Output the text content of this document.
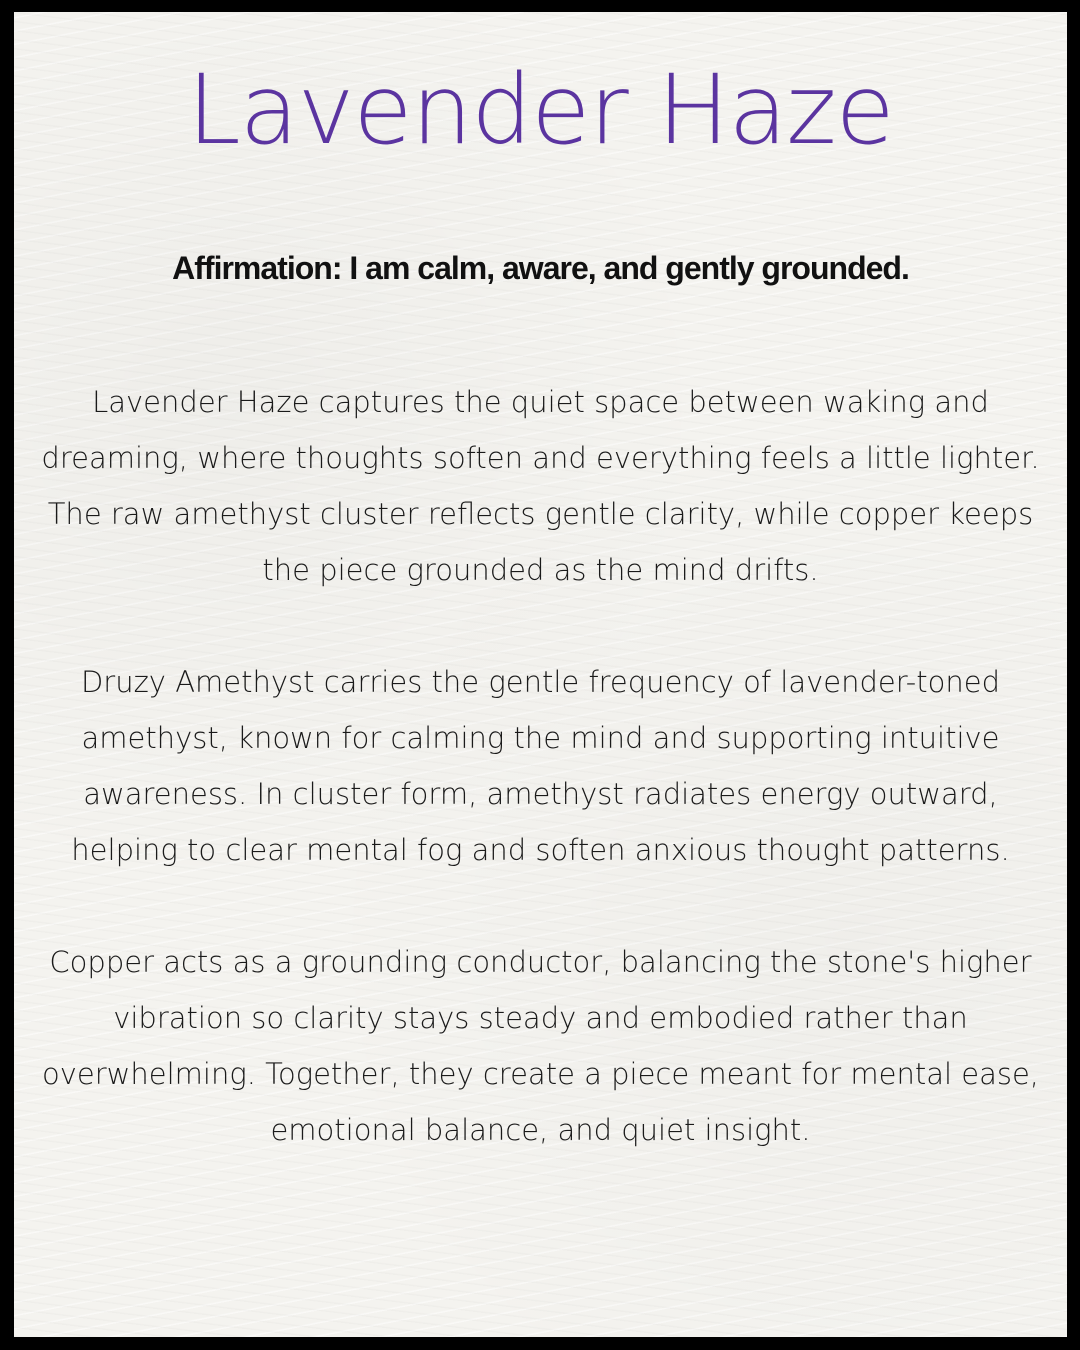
Lavender Haze

Affirmation: I am calm, aware, and gently grounded.

Lavender Haze captures the quiet space between waking and dreaming, where thoughts soften and everything feels a little lighter. The raw amethyst cluster reflects gentle clarity, while copper keeps the piece grounded as the mind drifts.

Druzy Amethyst carries the gentle frequency of lavender-toned amethyst, known for calming the mind and supporting intuitive awareness. In cluster form, amethyst radiates energy outward, helping to clear mental fog and soften anxious thought patterns.

Copper acts as a grounding conductor, balancing the stone's higher vibration so clarity stays steady and embodied rather than overwhelming. Together, they create a piece meant for mental ease, emotional balance, and quiet insight.
